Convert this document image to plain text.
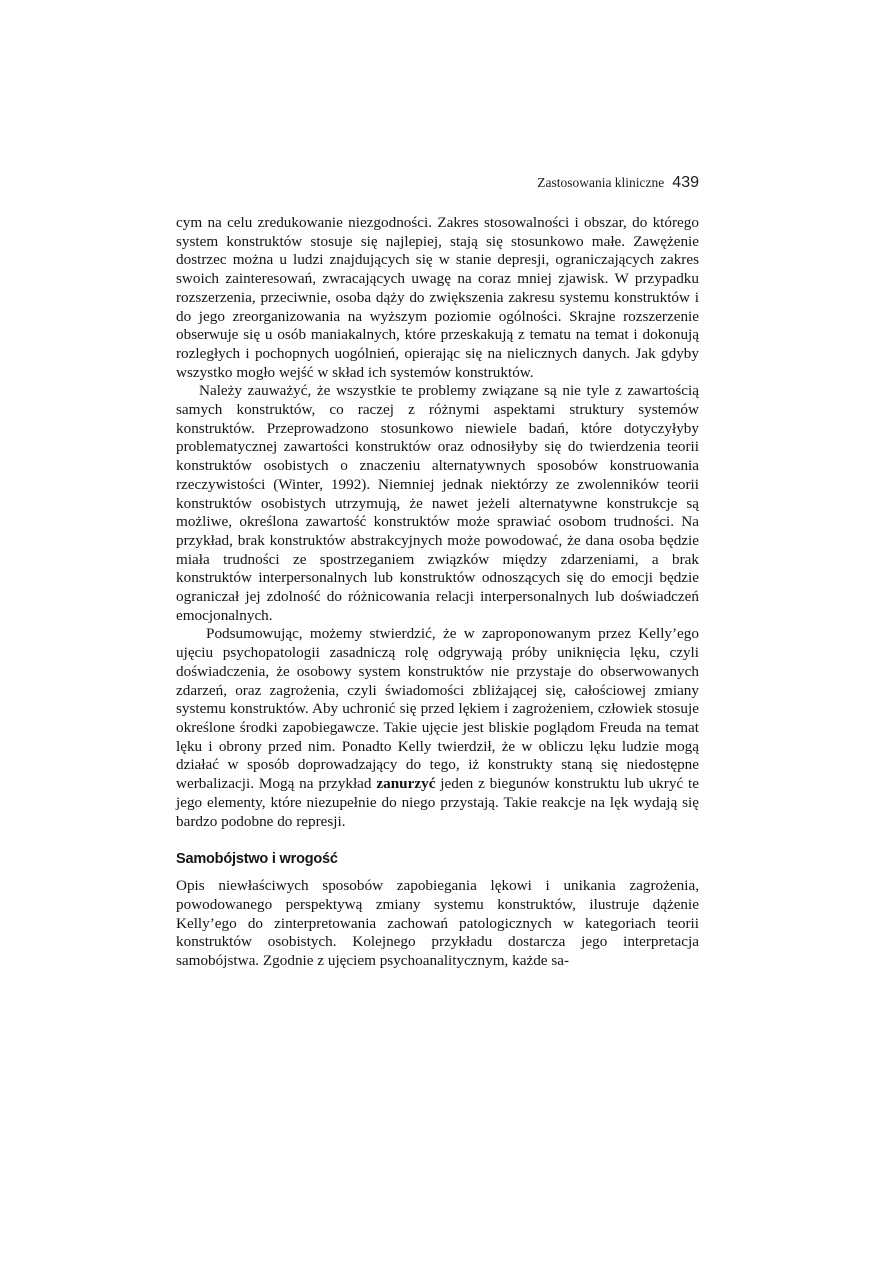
Zastosowania kliniczne 439

cym na celu zredukowanie niezgodności. Zakres stosowalności i obszar, do którego system konstruktów stosuje się najlepiej, stają się stosunkowo małe. Zawężenie dostrzec można u ludzi znajdujących się w stanie depresji, ograniczających zakres swoich zainteresowań, zwracających uwagę na coraz mniej zjawisk. W przypadku rozszerzenia, przeciwnie, osoba dąży do zwiększenia zakresu systemu konstruktów i do jego zreorganizowania na wyższym poziomie ogólności. Skrajne rozszerzenie obserwuje się u osób maniakalnych, które przeskakują z tematu na temat i dokonują rozległych i pochopnych uogólnień, opierając się na nielicznych danych. Jak gdyby wszystko mogło wejść w skład ich systemów konstruktów.

Należy zauważyć, że wszystkie te problemy związane są nie tyle z zawartością samych konstruktów, co raczej z różnymi aspektami struktury systemów konstruktów. Przeprowadzono stosunkowo niewiele badań, które dotyczyłyby problematycznej zawartości konstruktów oraz odnosiłyby się do twierdzenia teorii konstruktów osobistych o znaczeniu alternatywnych sposobów konstruowania rzeczywistości (Winter, 1992). Niemniej jednak niektórzy ze zwolenników teorii konstruktów osobistych utrzymują, że nawet jeżeli alternatywne konstrukcje są możliwe, określona zawartość konstruktów może sprawiać osobom trudności. Na przykład, brak konstruktów abstrakcyjnych może powodować, że dana osoba będzie miała trudności ze spostrzeganiem związków między zdarzeniami, a brak konstruktów interpersonalnych lub konstruktów odnoszących się do emocji będzie ograniczał jej zdolność do różnicowania relacji interpersonalnych lub doświadczeń emocjonalnych.

Podsumowując, możemy stwierdzić, że w zaproponowanym przez Kelly’ego ujęciu psychopatologii zasadniczą rolę odgrywają próby uniknięcia lęku, czyli doświadczenia, że osobowy system konstruktów nie przystaje do obserwowanych zdarzeń, oraz zagrożenia, czyli świadomości zbliżającej się, całościowej zmiany systemu konstruktów. Aby uchronić się przed lękiem i zagrożeniem, człowiek stosuje określone środki zapobiegawcze. Takie ujęcie jest bliskie poglądom Freuda na temat lęku i obrony przed nim. Ponadto Kelly twierdził, że w obliczu lęku ludzie mogą działać w sposób doprowadzający do tego, iż konstrukty staną się niedostępne werbalizacji. Mogą na przykład zanurzyć jeden z biegunów konstruktu lub ukryć te jego elementy, które niezupełnie do niego przystają. Takie reakcje na lęk wydają się bardzo podobne do represji.

Samobójstwo i wrogość

Opis niewłaściwych sposobów zapobiegania lękowi i unikania zagrożenia, powodowanego perspektywą zmiany systemu konstruktów, ilustruje dążenie Kelly’ego do zinterpretowania zachowań patologicznych w kategoriach teorii konstruktów osobistych. Kolejnego przykładu dostarcza jego interpretacja samobójstwa. Zgodnie z ujęciem psychoanalitycznym, każde sa-
